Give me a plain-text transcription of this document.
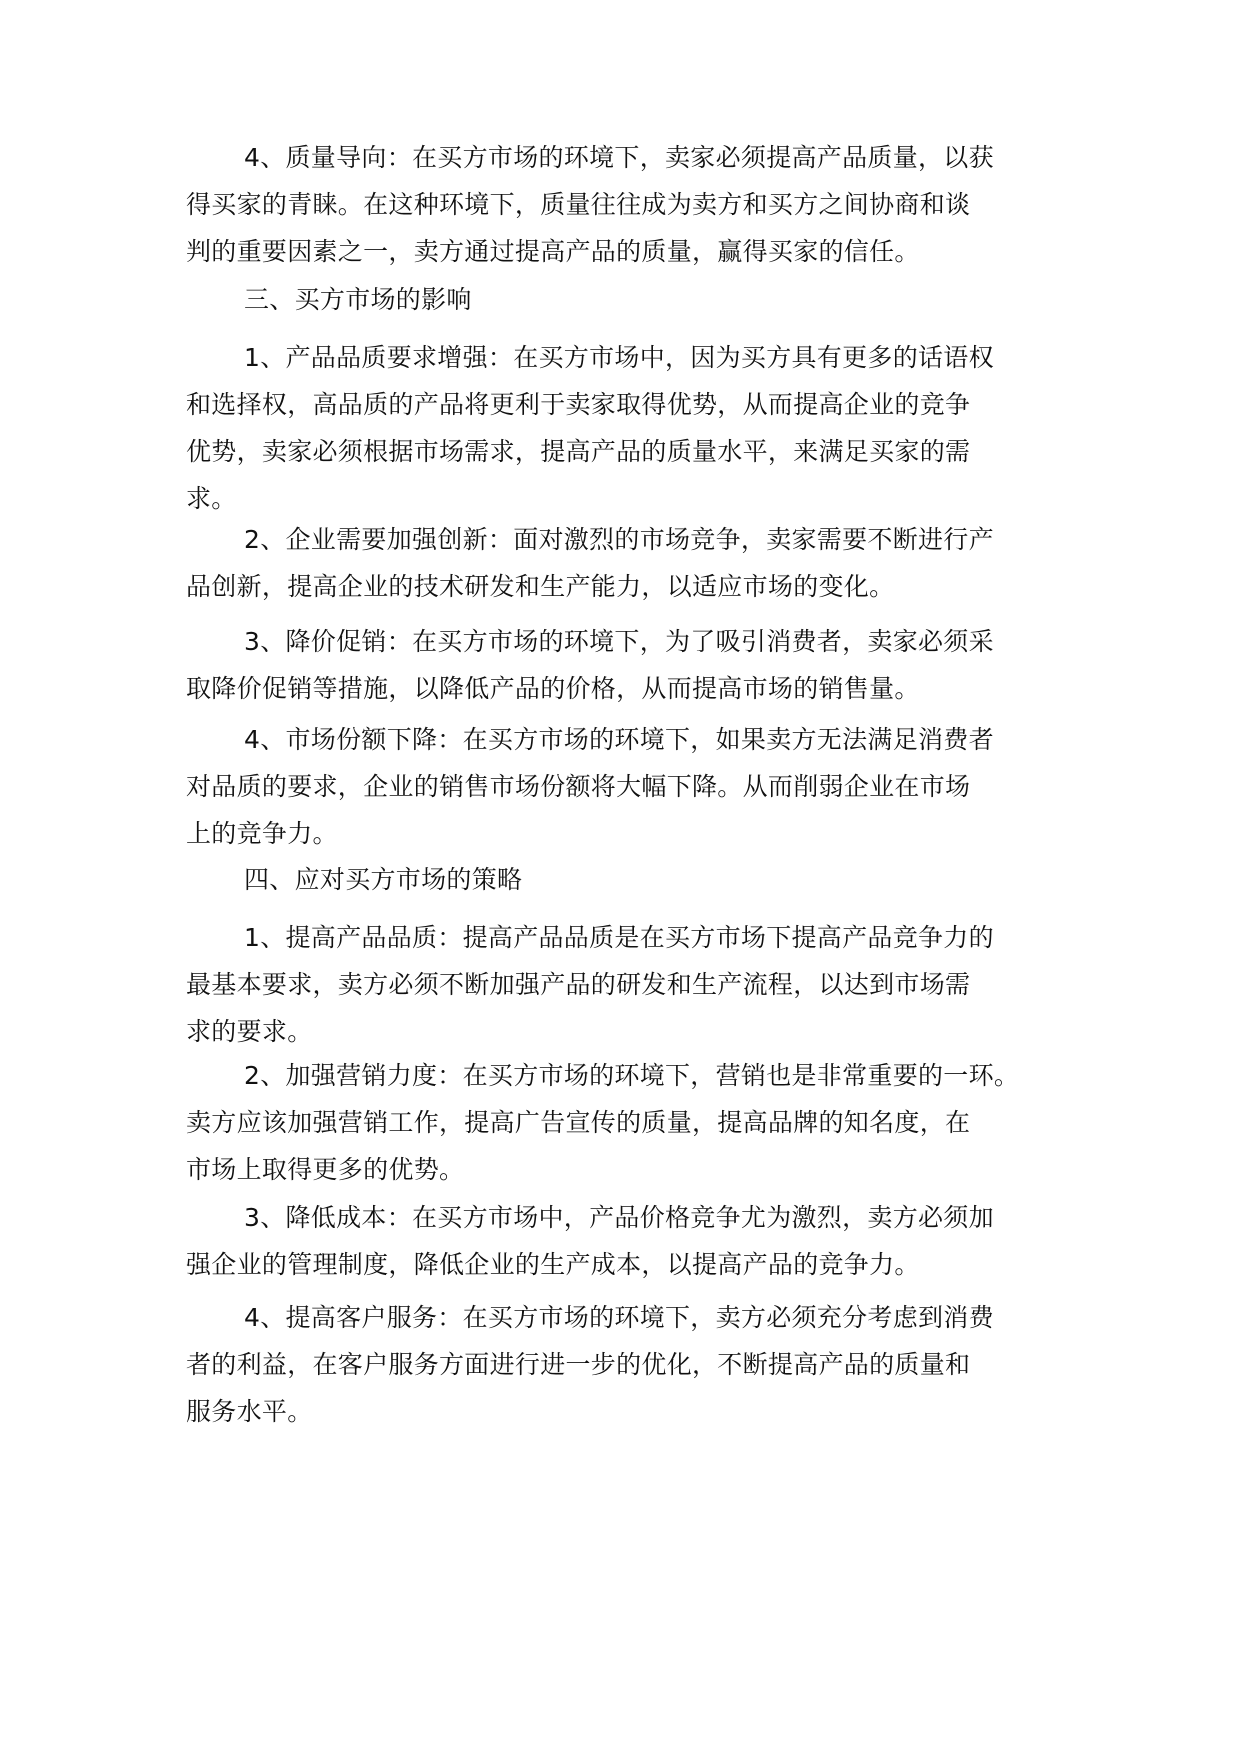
4、质量导向：在买方市场的环境下，卖家必须提高产品质量，以获
得买家的青睐。在这种环境下，质量往往成为卖方和买方之间协商和谈
判的重要因素之一，卖方通过提高产品的质量，赢得买家的信任。
三、买方市场的影响
1、产品品质要求增强：在买方市场中，因为买方具有更多的话语权
和选择权，高品质的产品将更利于卖家取得优势，从而提高企业的竞争
优势，卖家必须根据市场需求，提高产品的质量水平，来满足买家的需
求。
2、企业需要加强创新：面对激烈的市场竞争，卖家需要不断进行产
品创新，提高企业的技术研发和生产能力，以适应市场的变化。
3、降价促销：在买方市场的环境下，为了吸引消费者，卖家必须采
取降价促销等措施，以降低产品的价格，从而提高市场的销售量。
4、市场份额下降：在买方市场的环境下，如果卖方无法满足消费者
对品质的要求，企业的销售市场份额将大幅下降。从而削弱企业在市场
上的竞争力。
四、应对买方市场的策略
1、提高产品品质：提高产品品质是在买方市场下提高产品竞争力的
最基本要求，卖方必须不断加强产品的研发和生产流程，以达到市场需
求的要求。
2、加强营销力度：在买方市场的环境下，营销也是非常重要的一环。
卖方应该加强营销工作，提高广告宣传的质量，提高品牌的知名度，在
市场上取得更多的优势。
3、降低成本：在买方市场中，产品价格竞争尤为激烈，卖方必须加
强企业的管理制度，降低企业的生产成本，以提高产品的竞争力。
4、提高客户服务：在买方市场的环境下，卖方必须充分考虑到消费
者的利益，在客户服务方面进行进一步的优化，不断提高产品的质量和
服务水平。
